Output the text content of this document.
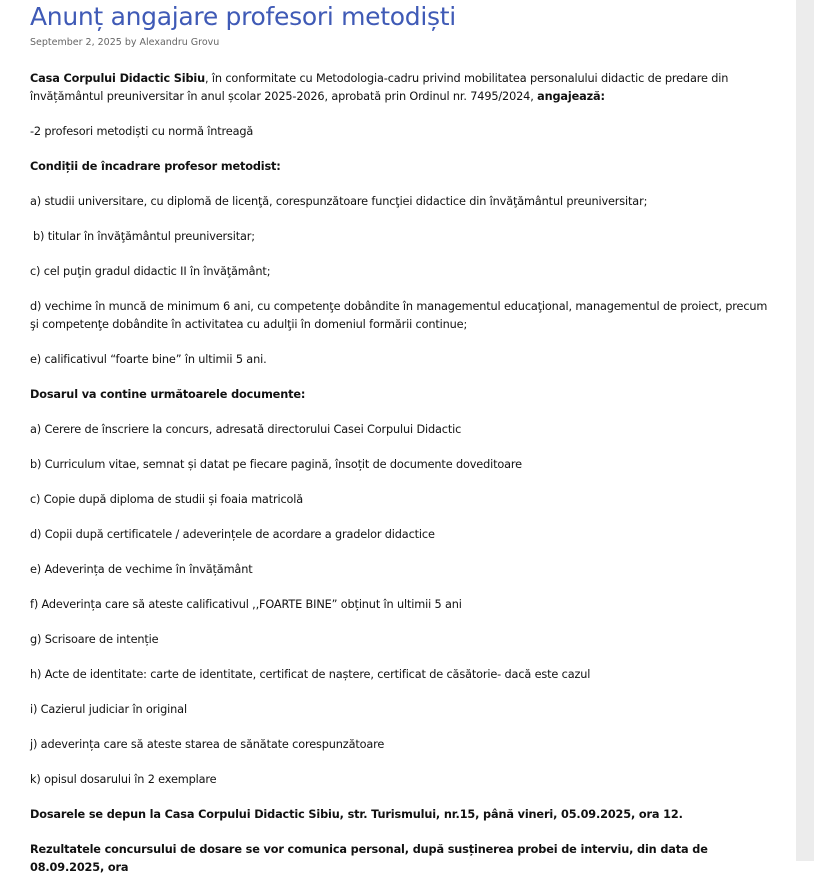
Anunț angajare profesori metodiști
September 2, 2025 by Alexandru Grovu

Casa Corpului Didactic Sibiu, în conformitate cu Metodologia-cadru privind mobilitatea personalului didactic de predare din învățământul preuniversitar în anul școlar 2025-2026, aprobată prin Ordinul nr. 7495/2024, angajează:

-2 profesori metodiști cu normă întreagă

Condiții de încadrare profesor metodist:

a) studii universitare, cu diplomă de licenţă, corespunzătoare funcţiei didactice din învăţământul preuniversitar;

b) titular în învăţământul preuniversitar;

c) cel puţin gradul didactic II în învăţământ;

d) vechime în muncă de minimum 6 ani, cu competenţe dobândite în managementul educaţional, managementul de proiect, precum şi competenţe dobândite în activitatea cu adulţii în domeniul formării continue;

e) calificativul “foarte bine” în ultimii 5 ani.

Dosarul va contine următoarele documente:

a) Cerere de înscriere la concurs, adresată directorului Casei Corpului Didactic

b) Curriculum vitae, semnat și datat pe fiecare pagină, însoțit de documente doveditoare

c) Copie după diploma de studii și foaia matricolă

d) Copii după certificatele / adeverințele de acordare a gradelor didactice

e) Adeverința de vechime în învățământ

f) Adeverința care să ateste calificativul ,,FOARTE BINE” obținut în ultimii 5 ani

g) Scrisoare de intenție

h) Acte de identitate: carte de identitate, certificat de naștere, certificat de căsătorie- dacă este cazul

i) Cazierul judiciar în original

j) adeverința care să ateste starea de sănătate corespunzătoare

k) opisul dosarului în 2 exemplare

Dosarele se depun la Casa Corpului Didactic Sibiu, str. Turismului, nr.15, până vineri, 05.09.2025, ora 12.

Rezultatele concursului de dosare se vor comunica personal, după susținerea probei de interviu, din data de 08.09.2025, ora
